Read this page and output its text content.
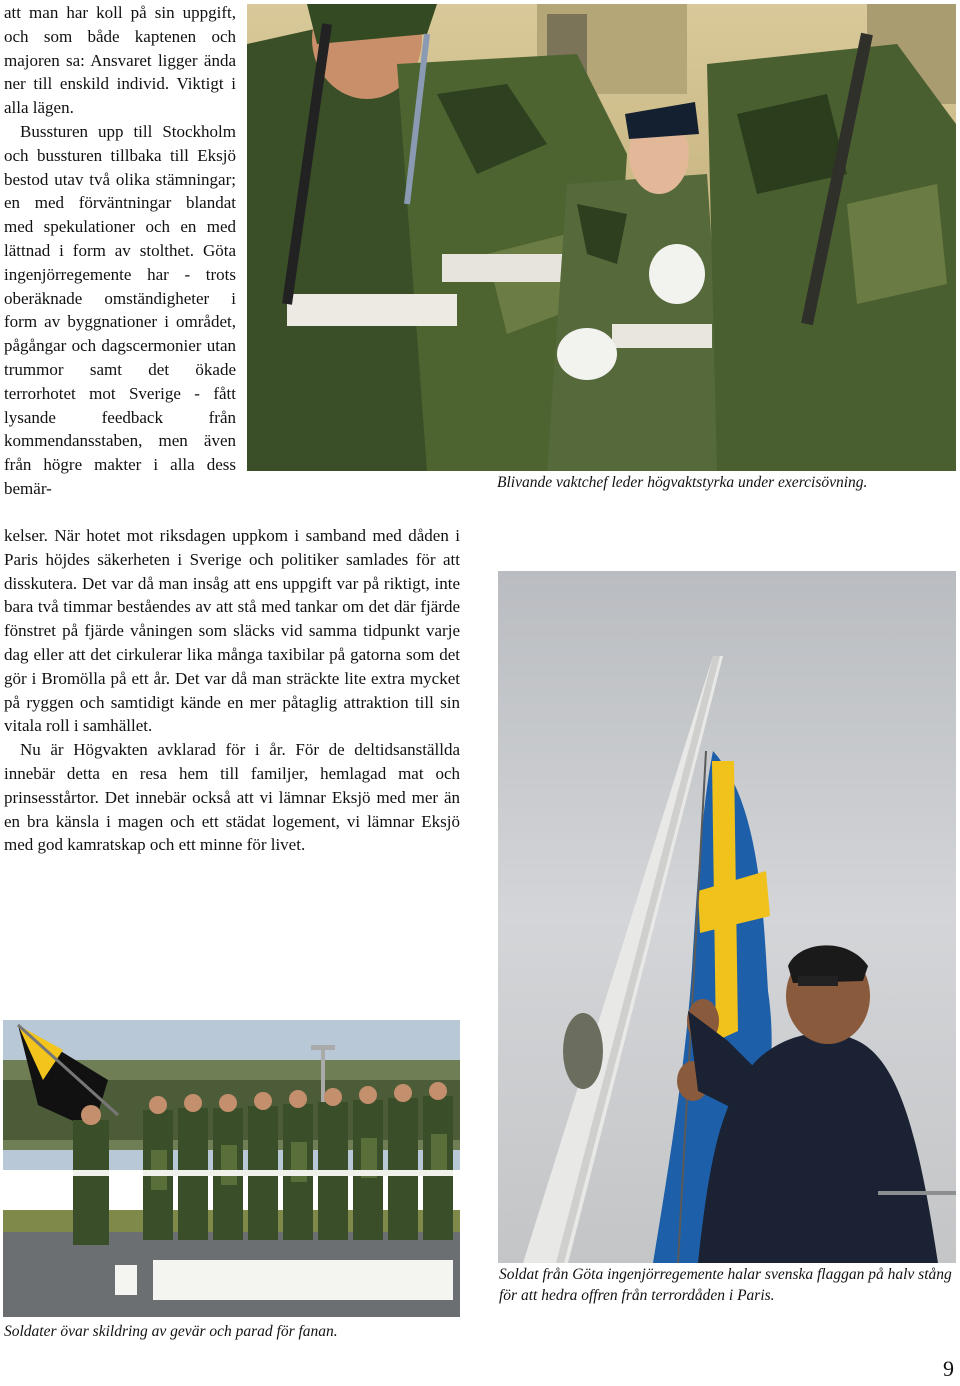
att man har koll på sin uppgift, och som både kaptenen och majoren sa: Ansvaret ligger ända ner till enskild individ. Viktigt i alla lägen.

Bussturen upp till Stockholm och bussturen tillbaka till Eksjö bestod utav två olika stämningar; en med förväntningar blandat med spekulationer och en med lättnad i form av stolthet. Göta ingenjörregemente har - trots oberäknade omständigheter i form av byggnationer i området, pågångar och dagscermonier utan trummor samt det ökade terrorhotet mot Sverige - fått lysande feedback från kommendansstaben, men även från högre makter i alla dess bemär-	Blivande vaktchef leder högvaktstyrka under exercisövning.

kelser. När hotet mot riksdagen uppkom i samband med dåden i Paris höjdes säkerheten i Sverige och politiker samlades för att disskutera. Det var då man insåg att ens uppgift var på riktigt, inte bara två timmar beståendes av att stå med tankar om det där fjärde fönstret på fjärde våningen som släcks vid samma tidpunkt varje dag eller att det cirkulerar lika många taxibilar på gatorna som det gör i Bromölla på ett år. Det var då man sträckte lite extra mycket på ryggen och samtidigt kände en mer påtaglig attraktion till sin vitala roll i samhället.

Nu är Högvakten avklarad för i år. För de deltidsanställda innebär detta en resa hem till familjer, hemlagad mat och prinsesstårtor. Det innebär också att vi lämnar Eksjö med mer än en bra känsla i magen och ett städat logement, vi lämnar Eksjö med god kamratskap och ett minne för livet.

Soldat från Göta ingenjörregemente halar svenska flaggan på halv stång för att hedra offren från terrordåden i Paris.
Soldater övar skildring av gevär och parad för fanan.
9
